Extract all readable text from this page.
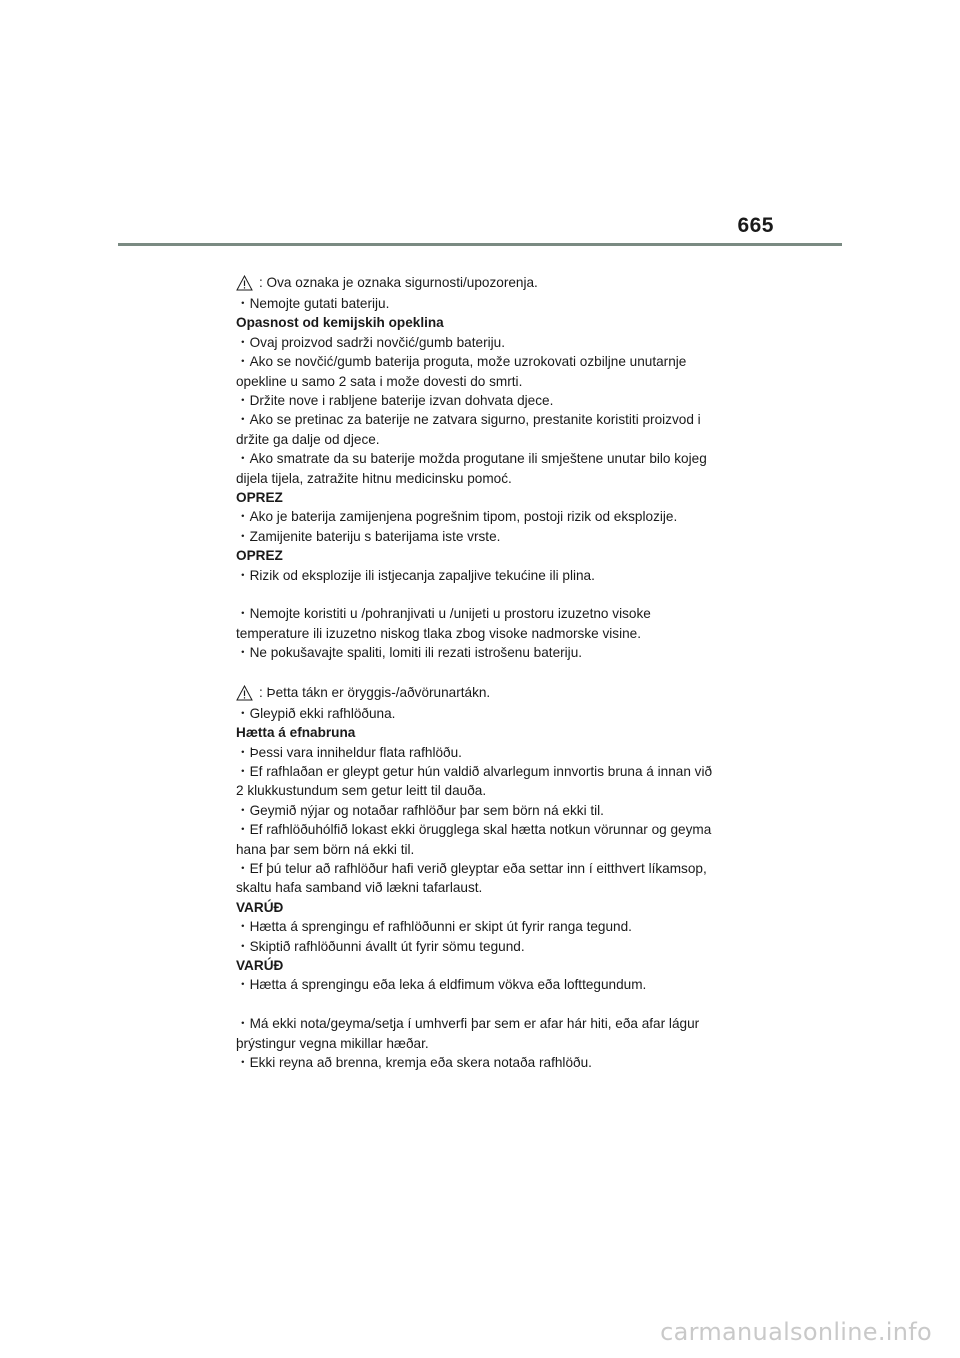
665
: Ova oznaka je oznaka sigurnosti/upozorenja.
・Nemojte gutati bateriju.
Opasnost od kemijskih opeklina
・Ovaj proizvod sadrži novčić/gumb bateriju.
・Ako se novčić/gumb baterija proguta, može uzrokovati ozbiljne unutarnje
opekline u samo 2 sata i može dovesti do smrti.
・Držite nove i rabljene baterije izvan dohvata djece.
・Ako se pretinac za baterije ne zatvara sigurno, prestanite koristiti proizvod i
držite ga dalje od djece.
・Ako smatrate da su baterije možda progutane ili smještene unutar bilo kojeg
dijela tijela, zatražite hitnu medicinsku pomoć.
OPREZ
・Ako je baterija zamijenjena pogrešnim tipom, postoji rizik od eksplozije.
・Zamijenite bateriju s baterijama iste vrste.
OPREZ
・Rizik od eksplozije ili istjecanja zapaljive tekućine ili plina.
・Nemojte koristiti u /pohranjivati u /unijeti u prostoru izuzetno visoke
temperature ili izuzetno niskog tlaka zbog visoke nadmorske visine.
・Ne pokušavajte spaliti, lomiti ili rezati istrošenu bateriju.
: Þetta tákn er öryggis-/aðvörunartákn.
・Gleypið ekki rafhlöðuna.
Hætta á efnabruna
・Þessi vara inniheldur flata rafhlöðu.
・Ef rafhlaðan er gleypt getur hún valdið alvarlegum innvortis bruna á innan við
2 klukkustundum sem getur leitt til dauða.
・Geymið nýjar og notaðar rafhlöður þar sem börn ná ekki til.
・Ef rafhlöðuhólfið lokast ekki örugglega skal hætta notkun vörunnar og geyma
hana þar sem börn ná ekki til.
・Ef þú telur að rafhlöður hafi verið gleyptar eða settar inn í eitthvert líkamsop,
skaltu hafa samband við lækni tafarlaust.
VARÚÐ
・Hætta á sprengingu ef rafhlöðunni er skipt út fyrir ranga tegund.
・Skiptið rafhlöðunni ávallt út fyrir sömu tegund.
VARÚÐ
・Hætta á sprengingu eða leka á eldfimum vökva eða lofttegundum.
・Má ekki nota/geyma/setja í umhverfi þar sem er afar hár hiti, eða afar lágur
þrýstingur vegna mikillar hæðar.
・Ekki reyna að brenna, kremja eða skera notaða rafhlöðu.
carmanualsonline.info
